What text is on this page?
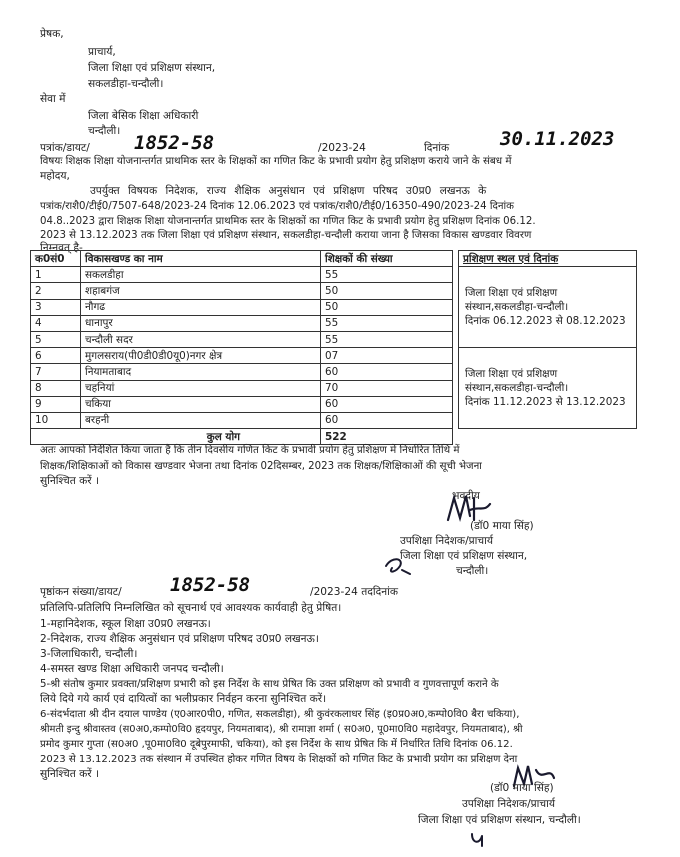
प्रेषक,
प्राचार्य,
जिला शिक्षा एवं प्रशिक्षण संस्थान,
सकलडीहा-चन्दौली।
सेवा में
जिला बेसिक शिक्षा अधिकारी
चन्दौली।
पत्रांक/डायट/ 1852-58	/2023-24	दिनांक	30.11.2023
विषयः शिक्षक शिक्षा योजनान्तर्गत प्राथमिक स्तर के शिक्षकों का गणित किट के प्रभावी प्रयोग हेतु प्रशिक्षण कराये जाने के संबध में
महोदय,
उपर्युक्त विषयक निदेशक, राज्य शैक्षिक अनुसंधान एवं प्रशिक्षण परिषद उ0प्र0 लखनऊ के
पत्रांक/राशै0/टीई0/7507-648/2023-24 दिनांक 12.06.2023 एवं पत्रांक/राशै0/टीई0/16350-490/2023-24 दिनांक
04.8..2023 द्वारा शिक्षक शिक्षा योजनान्तर्गत प्राथमिक स्तर के शिक्षकों का गणित किट के प्रभावी प्रयोग हेतु प्रशिक्षण दिनांक 06.12.
2023 से 13.12.2023 तक जिला शिक्षा एवं प्रशिक्षण संस्थान, सकलडीहा-चन्दौली कराया जाना है जिसका विकास खण्डवार विवरण
निम्नवत् है-
क0सं0	विकासखण्ड का नाम	शिक्षकों की संख्या		प्रशिक्षण स्थल एवं दिनांक
1	सकलडीहा	55		जिला शिक्षा एवं प्रशिक्षण संस्थान,सकलडीहा-चन्दौली।
दिनांक 06.12.2023 से 08.12.2023

2	शहाबगंज	50		
3	नौगढ	50		
4	धानापुर	55		
5	चन्दौली सदर	55		
6	मुगलसराय(पी0डी0डी0यू0)नगर क्षेत्र	07		जिला शिक्षा एवं प्रशिक्षण संस्थान,सकलडीहा-चन्दौली।
दिनांक 11.12.2023 से 13.12.2023

7	नियामताबाद	60		
8	चहनियां	70		
9	चकिया	60		
10	बरहनी	60		
कुल योग		522		
अतः आपको निर्देशित किया जाता है कि तीन दिवसीय गणित किट के प्रभावी प्रयोग हेतु प्रशिक्षण में निर्धारित तिथि में
शिक्षक/शिक्षिकाओं को विकास खण्डवार भेजना तथा दिनांक 02दिसम्बर, 2023 तक शिक्षक/शिक्षिकाओं की सूची भेजना
सुनिश्चित करें ।
भवदीय
(डॉ0 माया सिंह)
उपशिक्षा निदेशक/प्राचार्य
जिला शिक्षा एवं प्रशिक्षण संस्थान,
चन्दौली।
पृष्ठांकन संख्या/डायट/	1852-58	/2023-24 तददिनांक
प्रतिलिपि-प्रतिलिपि निम्नलिखित को सूचनार्थ एवं आवश्यक कार्यवाही हेतु प्रेषित।
1-महानिदेशक, स्कूल शिक्षा उ0प्र0 लखनऊ।
2-निदेशक, राज्य शैक्षिक अनुसंधान एवं प्रशिक्षण परिषद उ0प्र0 लखनऊ।
3-जिलाधिकारी, चन्दौली।
4-समस्त खण्ड शिक्षा अधिकारी जनपद चन्दौली।
5-श्री संतोष कुमार प्रवक्ता/प्रशिक्षण प्रभारी को इस निर्देश के साथ प्रेषित कि उक्त प्रशिक्षण को प्रभावी व गुणवत्तापूर्ण कराने के
लिये दिये गये कार्य एवं दायित्वों का भलीप्रकार निर्वहन करना सुनिश्चित करें।
6-संदर्भदाता श्री दीन दयाल पाण्डेय (ए0आर0पी0, गणित, सकलडीहा), श्री कुवंरकलाधर सिंह (इ0प्र0अ0,कम्पो0वि0 बैरा चकिया),
श्रीमती इन्दु श्रीवास्तव (स0अ0,कम्पो0वि0 हृदयपुर, नियमताबाद), श्री रामाज्ञा शर्मा ( स0अ0, पू0मा0वि0 महादेवपुर, नियमताबाद), श्री
प्रमोद कुमार गुप्ता (स0अ0 ,पू0मा0वि0 दूबेपुरमाफी, चकिया), को इस निर्देश के साथ प्रेषित कि में निर्धारित तिथि दिनांक 06.12.
2023 से 13.12.2023 तक संस्थान में उपस्थित होकर गणित विषय के शिक्षकों को गणित किट के प्रभावी प्रयोग का प्रशिक्षण देना
सुनिश्चित करें ।
(डॉ0 माया सिंह)
उपशिक्षा निदेशक/प्राचार्य
जिला शिक्षा एवं प्रशिक्षण संस्थान, चन्दौली।
